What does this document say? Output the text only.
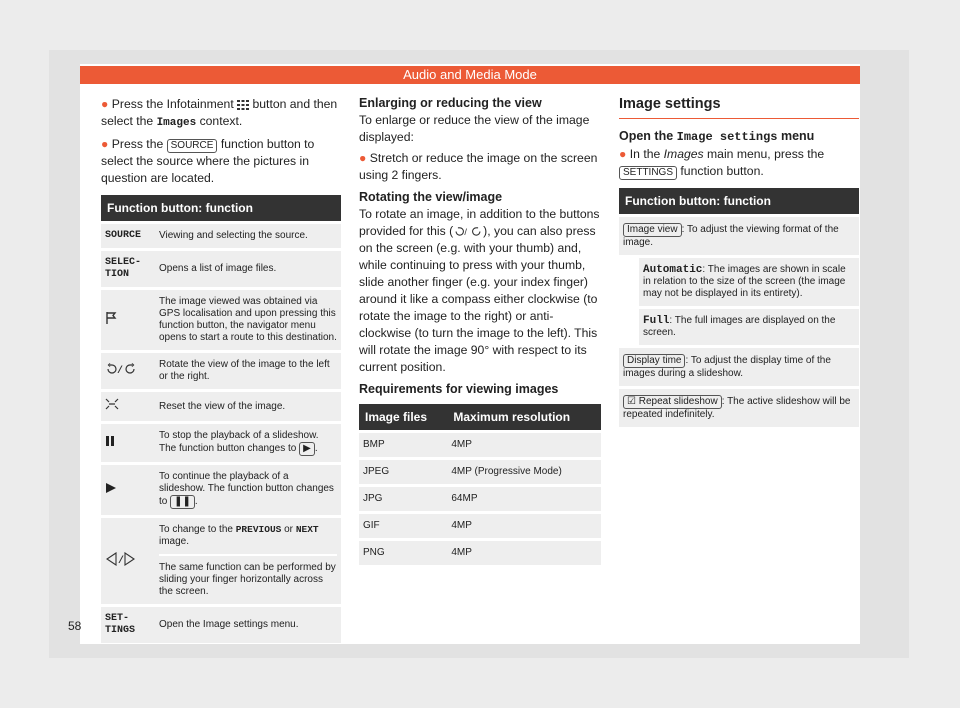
Audio and Media Mode

● Press the Infotainment button and then select the Images context.

● Press the SOURCE function button to select the source where the pictures in question are located.

Function button: function	
SOURCE	Viewing and selecting the source.
SELEC-TION	Opens a list of image files.
	The image viewed was obtained via GPS localisation and upon pressing this function button, the navigator menu opens to start a route to this destination.

/	Rotate the view of the image to the left or the right.
	Reset the view of the image.
	To stop the playback of a slideshow. The function button changes to ▶ .
	To continue the playback of a slideshow. The function button changes to ❚❚ .

/	To change to the PREVIOUS or NEXT image.
The same function can be performed by sliding your finger horizontally across the screen.

SET-TINGS	Open the Image settings menu.
Enlarging or reducing the view

To enlarge or reduce the view of the image displayed:

● Stretch or reduce the image on the screen using 2 fingers.

Rotating the view/image

To rotate an image, in addition to the buttons provided for this ( / ), you can also press on the screen (e.g. with your thumb) and, while continuing to press with your thumb, slide another finger (e.g. your index finger) around it like a compass either clockwise (to rotate the image to the right) or anti-clockwise (to turn the image to the left). This will rotate the image 90° with respect to its current position.

Requirements for viewing images
Image files	Maximum resolution
BMP	4MP
JPEG	4MP (Progressive Mode)
JPG	64MP
GIF	4MP
PNG	4MP
Image settings
Open the Image settings menu

● In the Images main menu, press the SETTINGS function button.

Function button: function	
Image view : To adjust the viewing format of the image.	
	Automatic: The images are shown in scale in relation to the size of the screen (the image may not be displayed in its entirety).
	Full: The full images are displayed on the screen.
Display time : To adjust the display time of the images during a slideshow.	
☑ Repeat slideshow : The active slideshow will be repeated indefinitely.	
58
